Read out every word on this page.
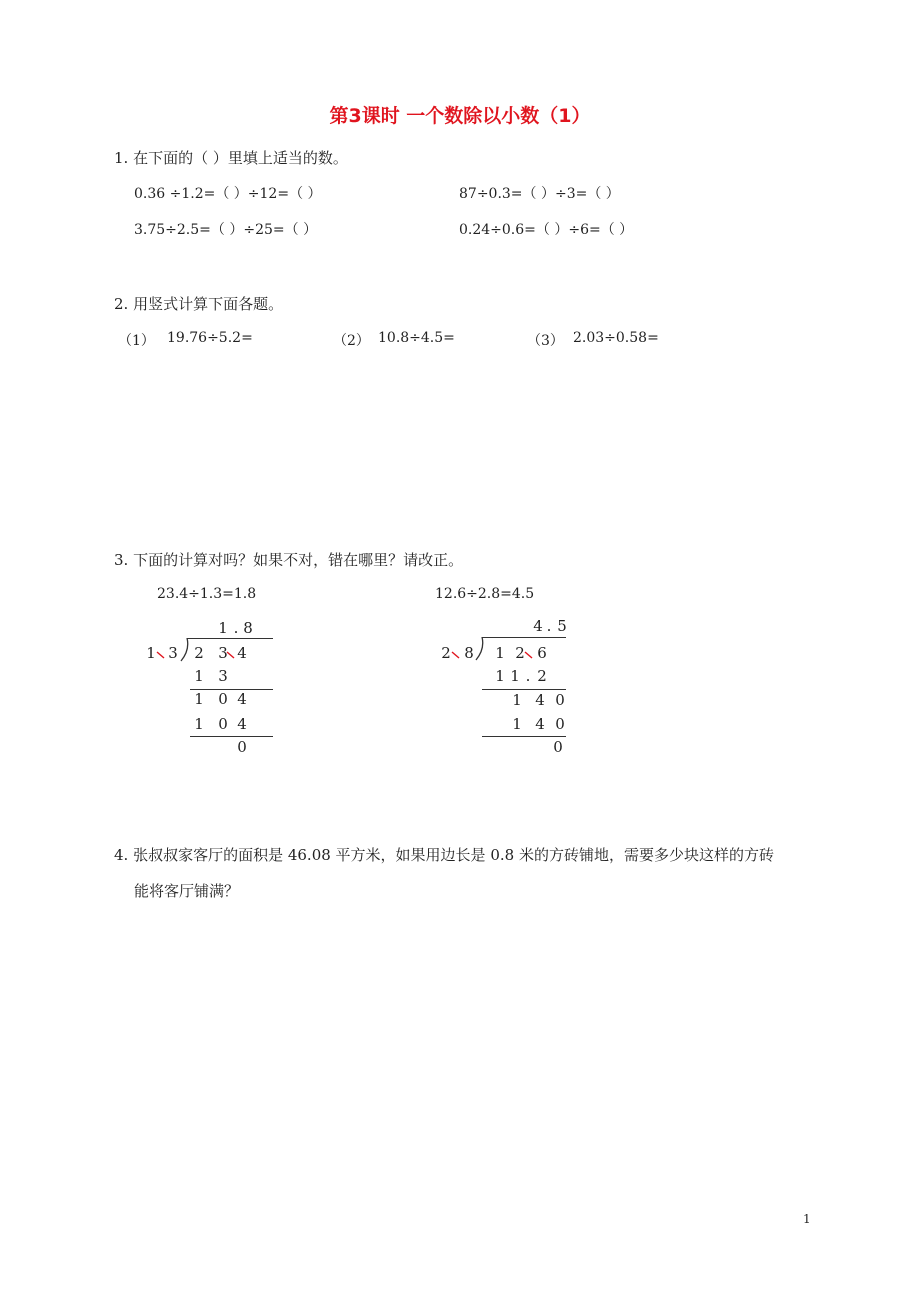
第3课时 一个数除以小数（1）
1. 在下面的（ ）里填上适当的数。
0.36 ÷1.2=（ ）÷12=（ ）	87÷0.3=（ ）÷3=（ ）
3.75÷2.5=（ ）÷25=（ ）	0.24÷0.6=（ ）÷6=（ ）
2. 用竖式计算下面各题。
（1） 19.76÷5.2=	（2） 10.8÷4.5=	（3） 2.03÷0.58=
3. 下面的计算对吗？如果不对，错在哪里？请改正。
23.4÷1.3=1.8	12.6÷2.8=4.5
1 . 8
1 3 2 3 4
1 3
1 0 4
1 0 4
0
4 . 5
2 8 1 2 6
1 1 . 2
1 4 0
1 4 0
0
4. 张叔叔家客厅的面积是 46.08 平方米，如果用边长是 0.8 米的方砖铺地，需要多少块这样的方砖
能将客厅铺满？
1
